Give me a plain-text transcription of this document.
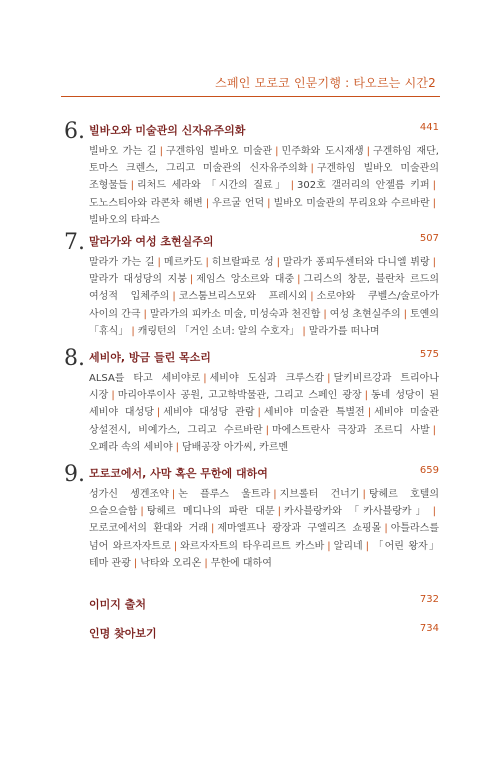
스페인 모로코 인문기행 : 타오르는 시간2
6. 빌바오와 미술관의 신자유주의화	441
빌바오 가는 길 | 구겐하임 빌바오 미술관 | 민주화와 도시재생 | 구겐하임 재단, 토마스 크렌스, 그리고 미술관의 신자유주의화 | 구겐하임 빌바오 미술관의 조형물들 | 리처드 세라와 「시간의 질료」 | 302호 갤러리의 안젤름 키퍼 |도노스티아와 라콘차 해변 | 우르굴 언덕 | 빌바오 미술관의 무리요와 수르바란 |빌바오의 타파스
7. 말라가와 여성 초현실주의	507
말라가 가는 길 | 메르카도 | 히브랄파로 성 | 말라가 퐁피두센터와 다니엘 뷔랑 |말라가 대성당의 지붕 | 제임스 앙소르와 대중 | 그리스의 창문, 블란차 르드의 여성적 입체주의 | 코스툼브리스모와 프레시외 | 소로야와 쿠벨스/술로아가 사이의 간극 | 말라가의 피카소 미술, 미성숙과 천진함 | 여성 초현실주의 | 토옌의 「휴식」 | 캐링턴의 「거인 소녀: 알의 수호자」 | 말라가를 떠나며
8. 세비야, 방금 들린 목소리	575
ALSA를 타고 세비야로 | 세비야 도심과 크루스캄 | 달키비르강과 트리아나 시장 | 마리아루이사 공원, 고고학박물관, 그리고 스페인 광장 | 동네 성당이 된 세비야 대성당 | 세비야 대성당 관람 | 세비야 미술관 특별전 | 세비야 미술관 상설전시, 비예가스, 그리고 수르바란 | 마에스트란사 극장과 조르디 사발 |오페라 속의 세비야 | 담배공장 아가씨, 카르멘
9. 모로코에서, 사막 혹은 무한에 대하여	659
성가신 셍겐조약 | 논 플루스 울트라 | 지브롤터 건너기 | 탕헤르 호텔의 으슬으슬함 | 탕헤르 메디나의 파란 대문 | 카사블랑카와 「카사블랑카」 |모로코에서의 환대와 거래 | 제마엘프나 광장과 구엘리즈 쇼핑몰 | 아틀라스를 넘어 와르자자트로 | 와르자자트의 타우리르트 카스바 | 알리네 | 「어린 왕자」 테마 관광 | 낙타와 오리온 | 무한에 대하여
이미지 출처	732
인명 찾아보기	734
